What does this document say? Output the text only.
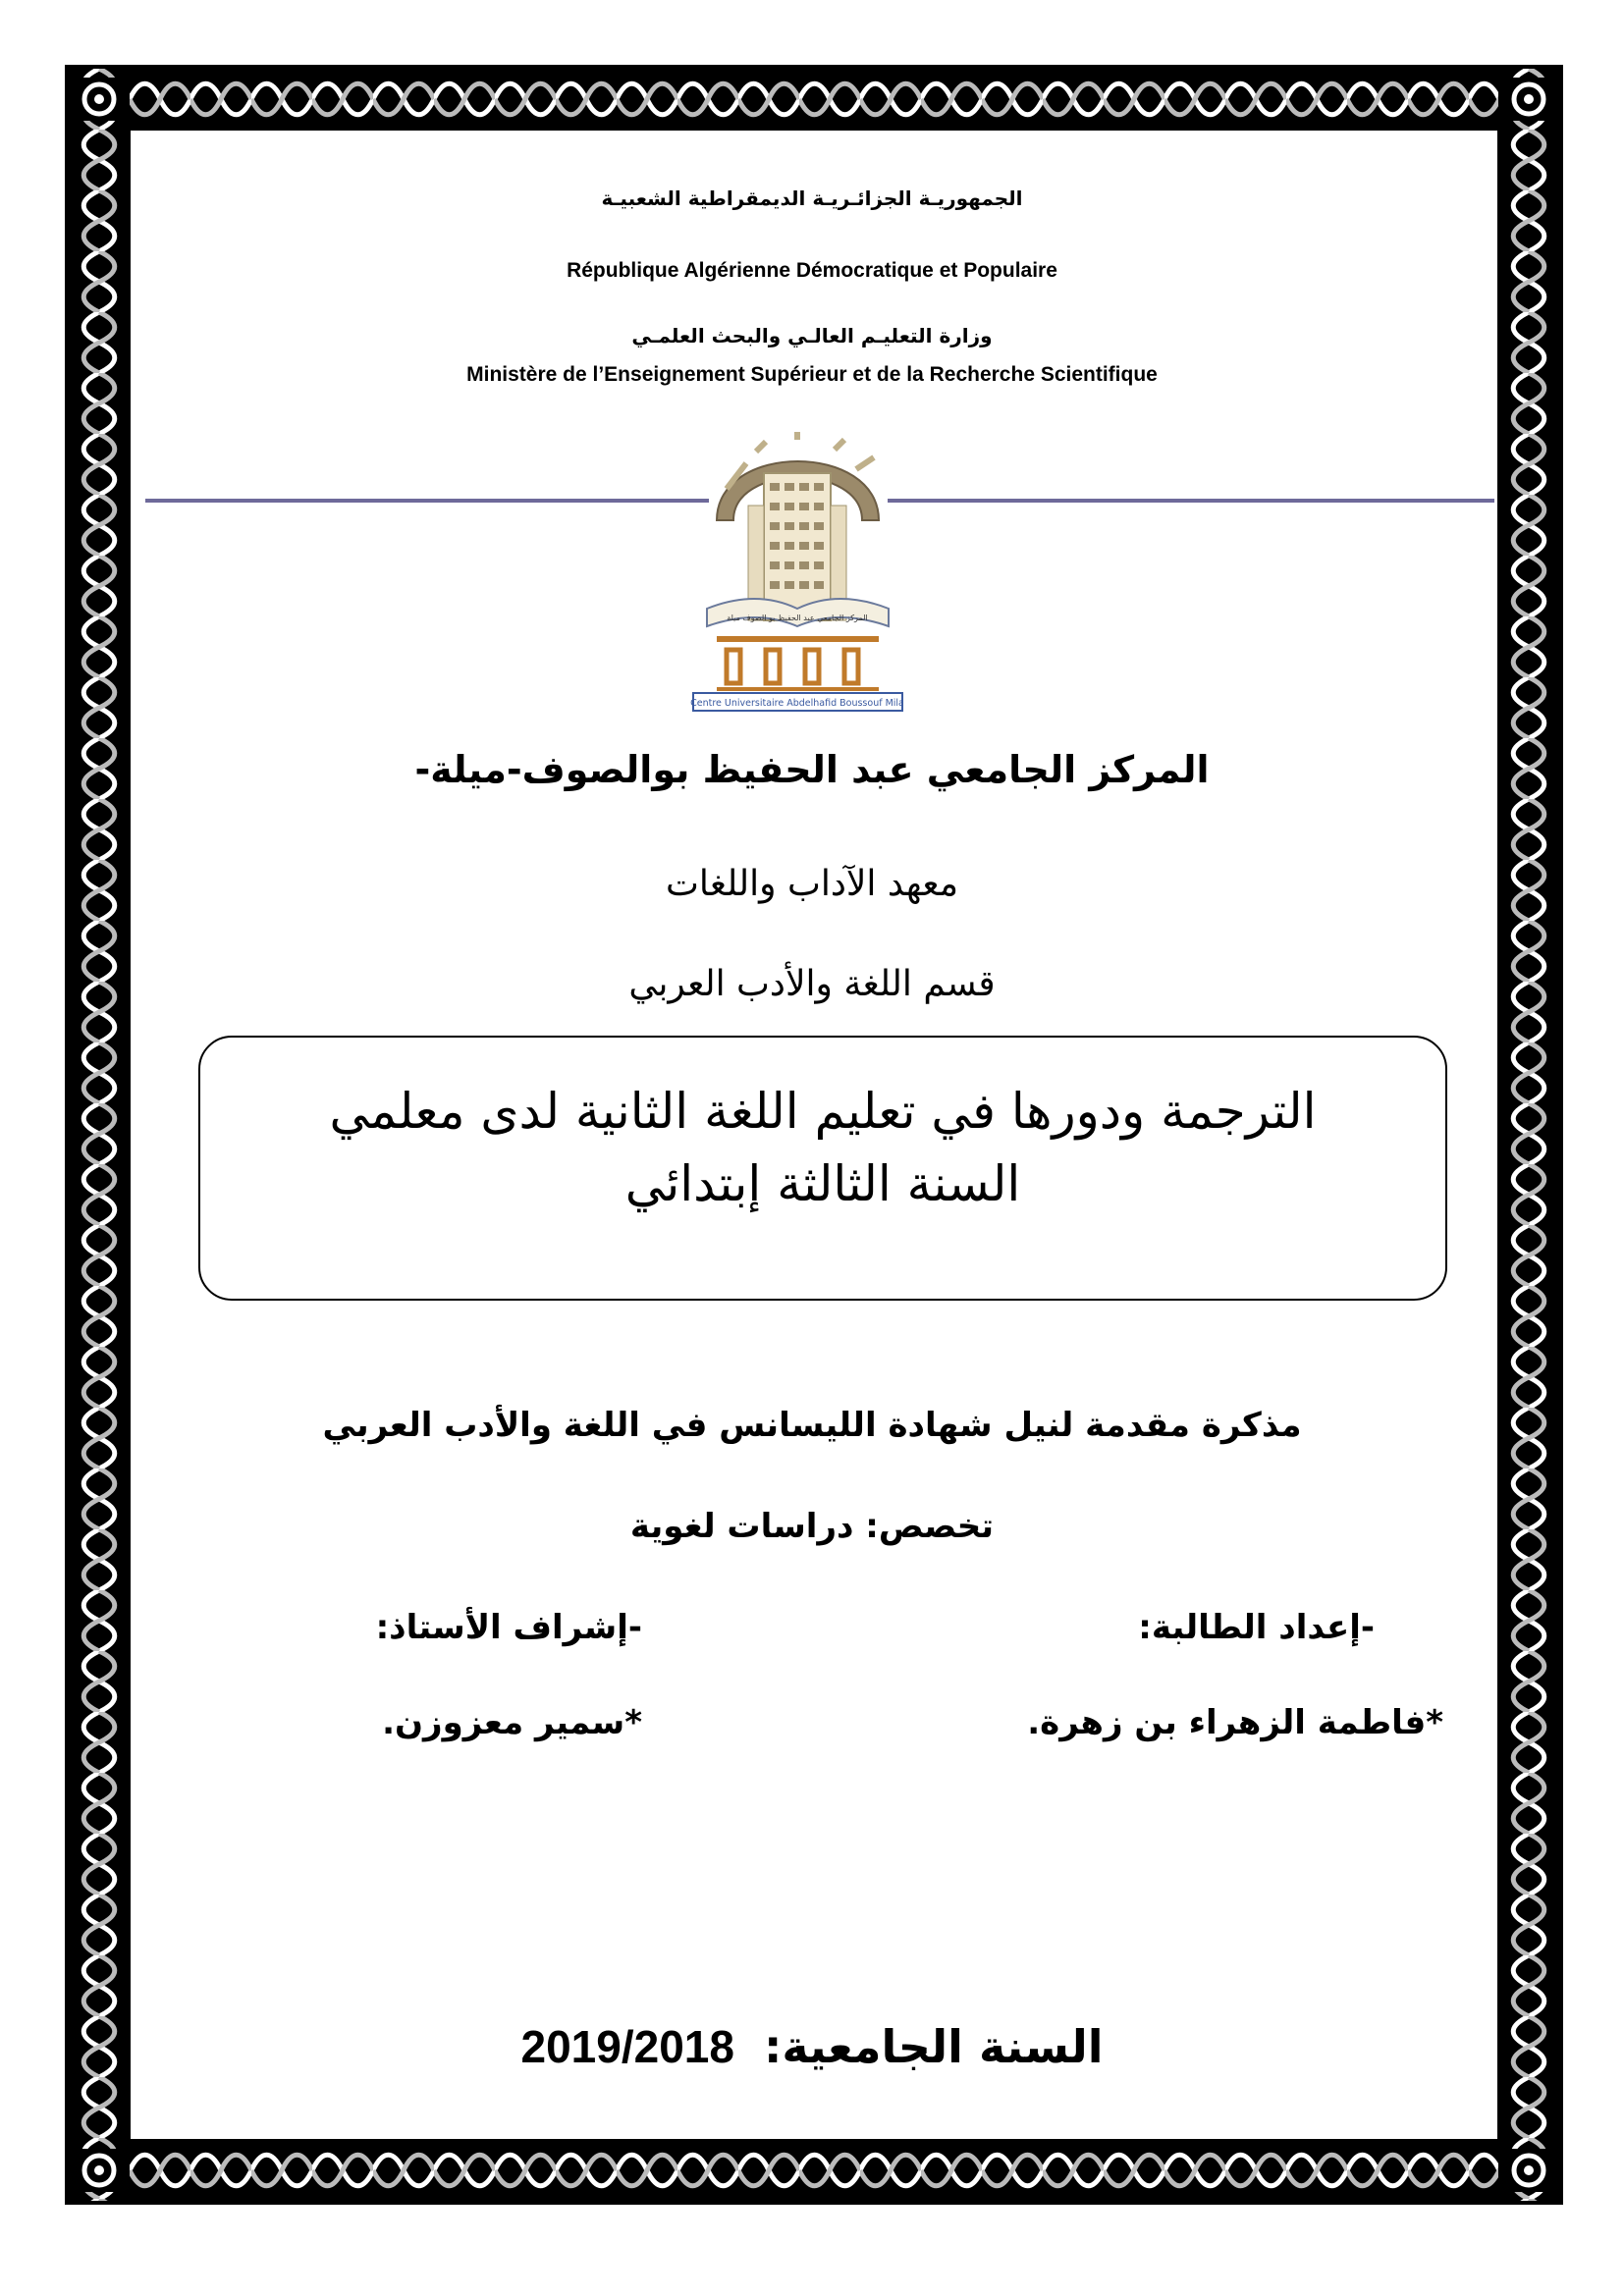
الجمهوريـة الجزائـريـة الديمقراطية الشعبيـة
République Algérienne Démocratique et Populaire
وزارة التعليـم العالـي والبحث العلمـي
Ministère de l’Enseignement Supérieur et de la Recherche Scientifique
المركز الجامعي عبد الحفيظ بو الصوف ميلة
Centre Universitaire Abdelhafid Boussouf Mila
المركز الجامعي عبد الحفيظ بوالصوف-ميلة-
معهد الآداب واللغات
قسم اللغة والأدب العربي
الترجمة ودورها في تعليم اللغة الثانية لدى معلمي
السنة الثالثة إبتدائي
مذكرة مقدمة لنيل شهادة الليسانس في اللغة والأدب العربي
تخصص: دراسات لغوية
-إعداد الطالبة:
-إشراف الأستاذ:
*فاطمة الزهراء بن زهرة.
*سمير معزوزن.
السنة الجامعية: 2019/2018
